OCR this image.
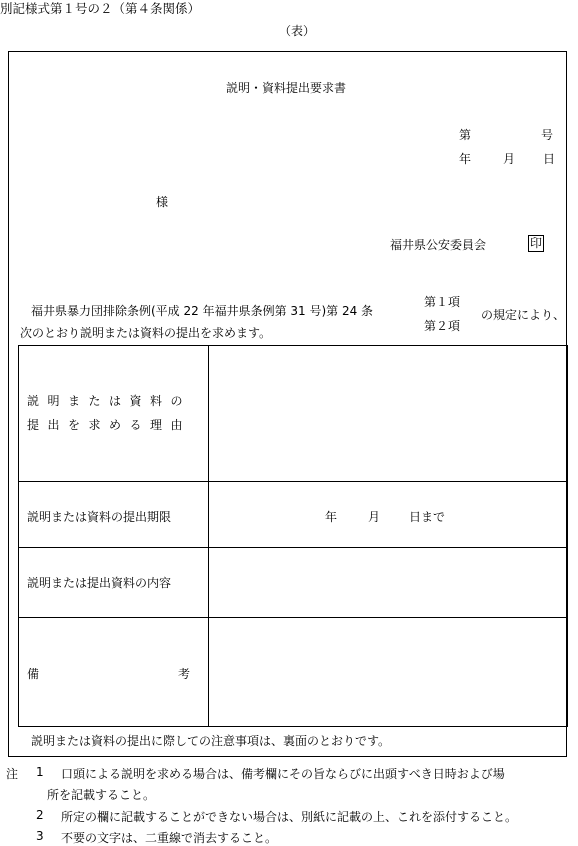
別記様式第１号の２（第４条関係）
（表）
説明・資料提出要求書
第	号
年	月 日
様
福井県公安委員会	印
福井県暴力団排除条例(平成 22 年福井県条例第 31 号)第 24 条
第１項
第２項
の規定により、
次のとおり説明または資料の提出を求めます。
説明または資料の
提出を求める理由
説明または資料の提出期限	年	月 日まで
説明または提出資料の内容
備	考
説明または資料の提出に際しての注意事項は、裏面のとおりです。
注 1 口頭による説明を求める場合は、備考欄にその旨ならびに出頭すべき日時および場
所を記載すること。
2 所定の欄に記載することができない場合は、別紙に記載の上、これを添付すること。
3 不要の文字は、二重線で消去すること。
